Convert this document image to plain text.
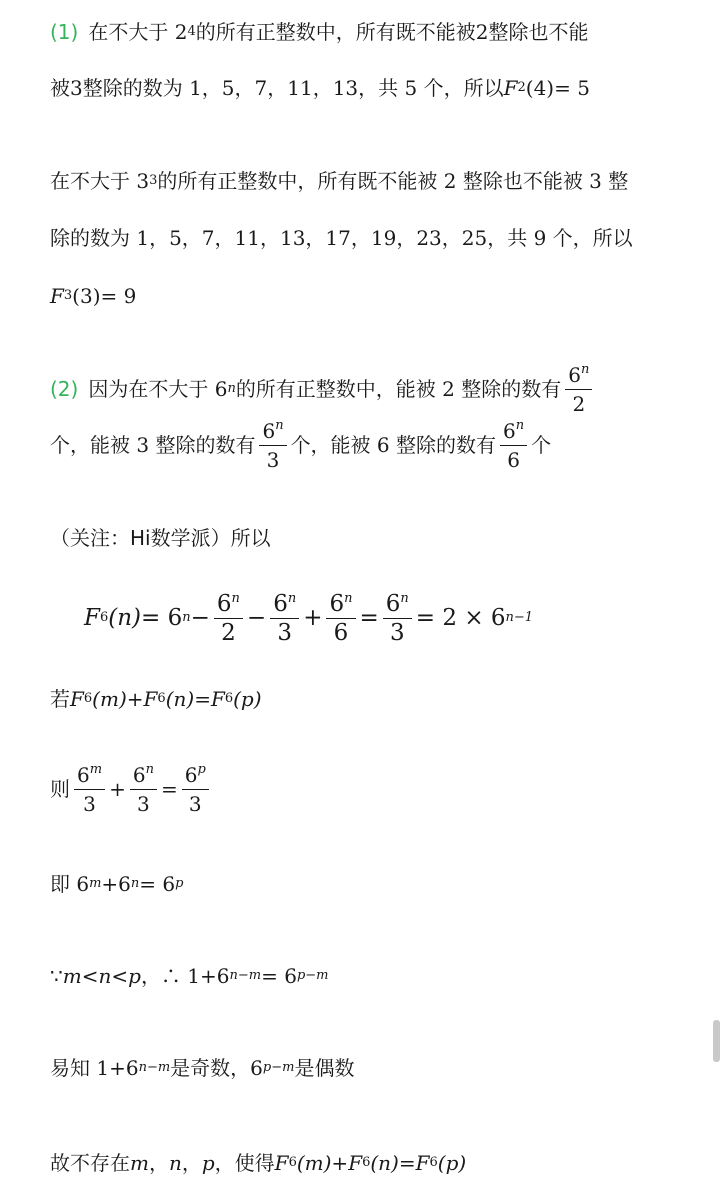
(1) 在不大于 2 4 的所有正整数中，所有既不能被2整除也不能
被3整除的数为 1，5，7，11，13，共 5 个，所以 F 2 (4)= 5
在不大于 3 3 的所有正整数中，所有既不能被 2 整除也不能被 3 整
除的数为 1，5，7，11，13，17，19，23，25，共 9 个，所以
F 3 (3)= 9
(2) 因为在不大于 6 n 的所有正整数中，能被 2 整除的数有 $\frac{6^n}{2}$
个，能被 3 整除的数有 $\frac{6^n}{3}$ 个，能被 6 整除的数有 $\frac{6^n}{6}$ 个
（关注：Hi数学派）所以
F 6 (n) = 6 $n - \frac{6^n}{2} - \frac{6^n}{3} + \frac{6^n}{6} = \frac{6^n}{3} = 2 \times 6$ n−1
若 F 6 (m) + F 6 (n) = F 6 (p)
则 $\frac{6^m}{3} + \frac{6^n}{3} = \frac{6^p}{3}$
即 6 m +6 n = 6 p
∵ m < n < p ，∴ 1+6 n−m = 6 p−m
易知 1+6 n−m 是奇数，6 p−m 是偶数
故不存在 m ， n ， p ，使得 F 6 (m) + F 6 (n) = F 6 (p)
